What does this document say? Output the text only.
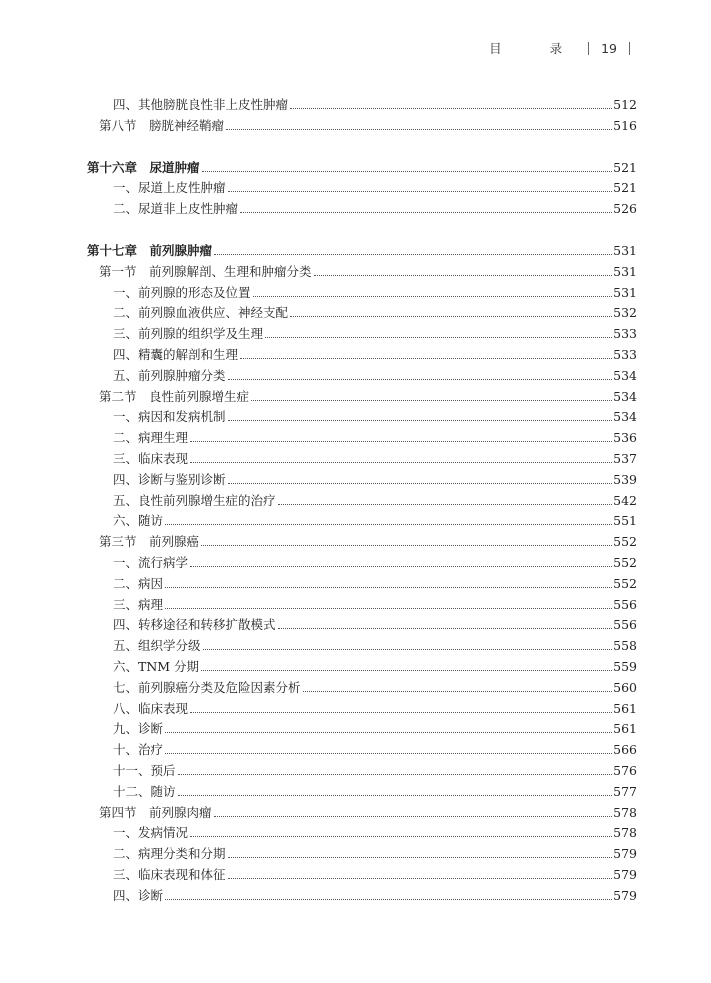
目 录 19
四、其他膀胱良性非上皮性肿瘤	512
第八节　膀胱神经鞘瘤	516
第十六章　尿道肿瘤	521
一、尿道上皮性肿瘤	521
二、尿道非上皮性肿瘤	526
第十七章　前列腺肿瘤	531
第一节　前列腺解剖、生理和肿瘤分类	531
一、前列腺的形态及位置	531
二、前列腺血液供应、神经支配	532
三、前列腺的组织学及生理	533
四、精囊的解剖和生理	533
五、前列腺肿瘤分类	534
第二节　良性前列腺增生症	534
一、病因和发病机制	534
二、病理生理	536
三、临床表现	537
四、诊断与鉴别诊断	539
五、良性前列腺增生症的治疗	542
六、随访	551
第三节　前列腺癌	552
一、流行病学	552
二、病因	552
三、病理	556
四、转移途径和转移扩散模式	556
五、组织学分级	558
六、TNM 分期	559
七、前列腺癌分类及危险因素分析	560
八、临床表现	561
九、诊断	561
十、治疗	566
十一、预后	576
十二、随访	577
第四节　前列腺肉瘤	578
一、发病情况	578
二、病理分类和分期	579
三、临床表现和体征	579
四、诊断	579
